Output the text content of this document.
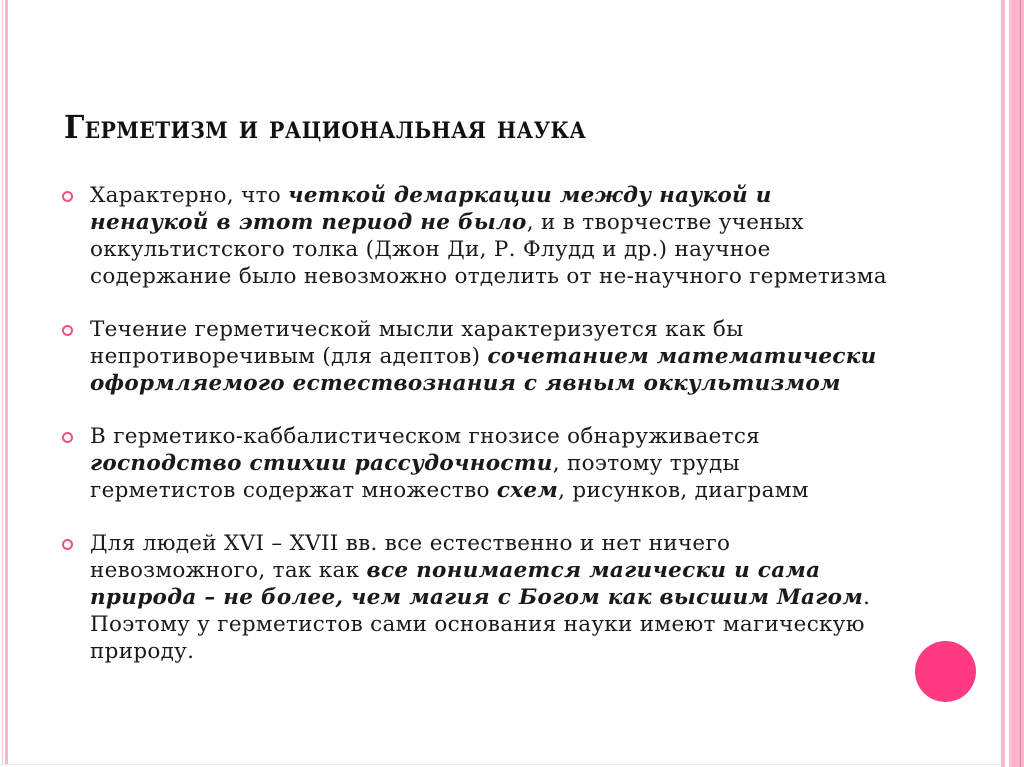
Герметизм и рациональная наука
Характерно, что четкой демаркации между наукой и ненаукой в этот период не было, и в творчестве ученых оккультистского толка (Джон Ди, Р. Флудд и др.) научное содержание было невозможно отделить от не-научного герметизма
Течение герметической мысли характеризуется как бы непротиворечивым (для адептов) сочетанием математически оформляемого естествознания с явным оккультизмом
В герметико-каббалистическом гнозисе обнаруживается господство стихии рассудочности, поэтому труды герметистов содержат множество схем, рисунков, диаграмм
Для людей XVI – XVII вв. все естественно и нет ничего невозможного, так как все понимается магически и сама природа – не более, чем магия с Богом как высшим Магом. Поэтому у герметистов сами основания науки имеют магическую природу.
